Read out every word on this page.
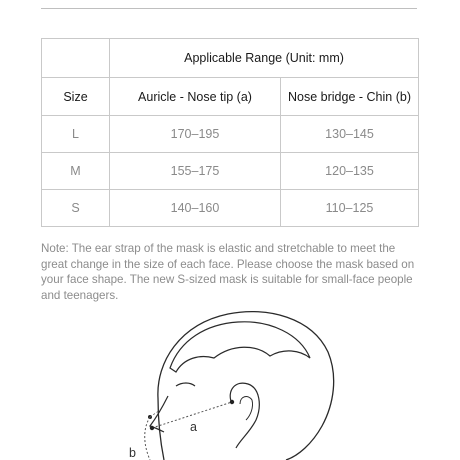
	Applicable Range (Unit: mm)	
Size	Auricle - Nose tip (a)	Nose bridge - Chin (b)
L	170–195	130–145
M	155–175	120–135
S	140–160	110–125

Note: The ear strap of the mask is elastic and stretchable to meet the great change in the size of each face. Please choose the mask based on your face shape. The new S-sized mask is suitable for small-face people and teenagers.

a
b
